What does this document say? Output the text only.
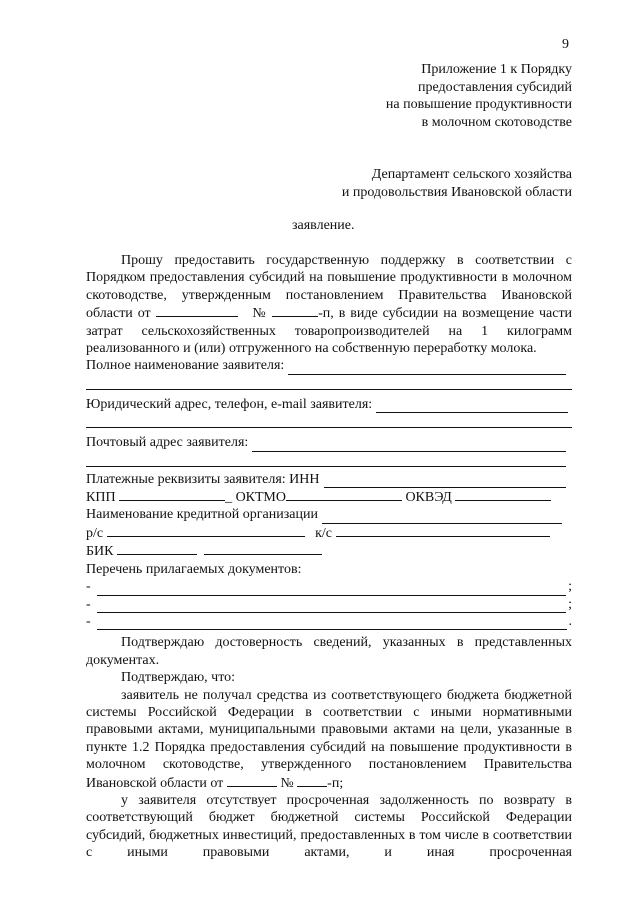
9
Приложение 1 к Порядку
предоставления субсидий
на повышение продуктивности
в молочном скотоводстве
Департамент сельского хозяйства
и продовольствия Ивановской области
заявление.
Прошу предоставить государственную поддержку в соответствии с Порядком предоставления субсидий на повышение продуктивности в молочном скотоводстве, утвержденным постановлением Правительства Ивановской области от	№	-п, в виде субсидии на возмещение части затрат сельскохозяйственных товаропроизводителей на 1 килограмм реализованного и (или) отгруженного на собственную переработку молока.
Полное наименование заявителя:
Юридический адрес, телефон, e-mail заявителя:
Почтовый адрес заявителя:
Платежные реквизиты заявителя: ИНН
КПП	_ ОКТМО	ОКВЭД
Наименование кредитной организации
р/с	к/с
БИК
Перечень прилагаемых документов:
-	;
-	;
-	.
Подтверждаю достоверность сведений, указанных в представленных документах.
Подтверждаю, что:
заявитель не получал средства из соответствующего бюджета бюджетной системы Российской Федерации в соответствии с иными нормативными правовыми актами, муниципальными правовыми актами на цели, указанные в пункте 1.2 Порядка предоставления субсидий на повышение продуктивности в молочном скотоводстве, утвержденного постановлением Правительства Ивановской области от	№ -п;
у заявителя отсутствует просроченная задолженность по возврату в соответствующий бюджет бюджетной системы Российской Федерации субсидий, бюджетных инвестиций, предоставленных в том числе в соответствии с иными правовыми актами, и иная просроченная
